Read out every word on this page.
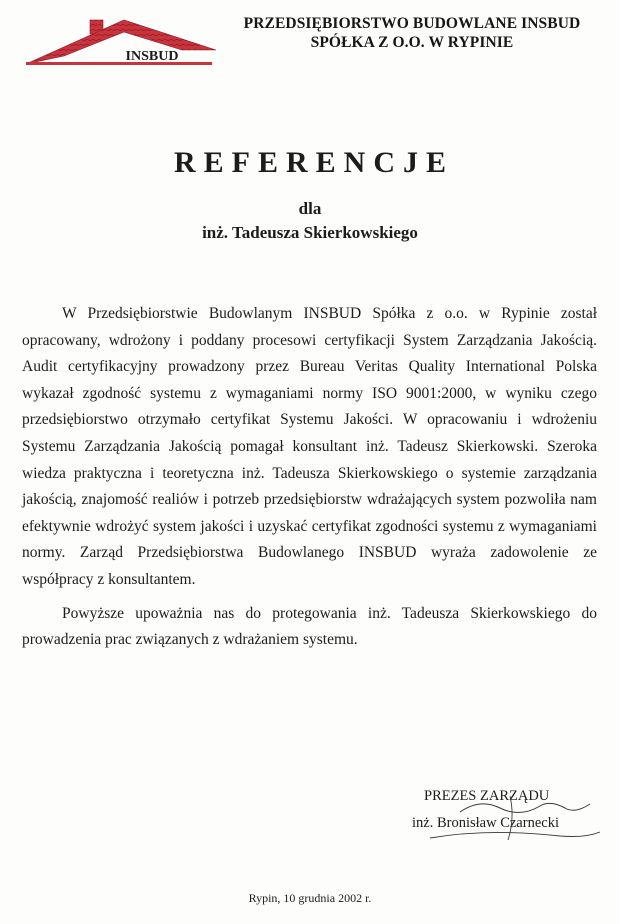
INSBUD
PRZEDSIĘBIORSTWO BUDOWLANE INSBUD
SPÓŁKA Z O.O. W RYPINIE
REFERENCJE
dla
inż. Tadeusza Skierkowskiego

W Przedsiębiorstwie Budowlanym INSBUD Spółka z o.o. w Rypinie został opracowany, wdrożony i poddany procesowi certyfikacji System Zarządzania Jakością. Audit certyfikacyjny prowadzony przez Bureau Veritas Quality International Polska wykazał zgodność systemu z wymaganiami normy ISO 9001:2000, w wyniku czego przedsiębiorstwo otrzymało certyfikat Systemu Jakości. W opracowaniu i wdrożeniu Systemu Zarządzania Jakością pomagał konsultant inż. Tadeusz Skierkowski. Szeroka wiedza praktyczna i teoretyczna inż. Tadeusza Skierkowskiego o systemie zarządzania jakością, znajomość realiów i potrzeb przedsiębiorstw wdrażających system pozwoliła nam efektywnie wdrożyć system jakości i uzyskać certyfikat zgodności systemu z wymaganiami normy. Zarząd Przedsiębiorstwa Budowlanego INSBUD wyraża zadowolenie ze współpracy z konsultantem.

Powyższe upoważnia nas do protegowania inż. Tadeusza Skierkowskiego do prowadzenia prac związanych z wdrażaniem systemu.

PREZES ZARZĄDU
inż. Bronisław Czarnecki
Rypin, 10 grudnia 2002 r.
